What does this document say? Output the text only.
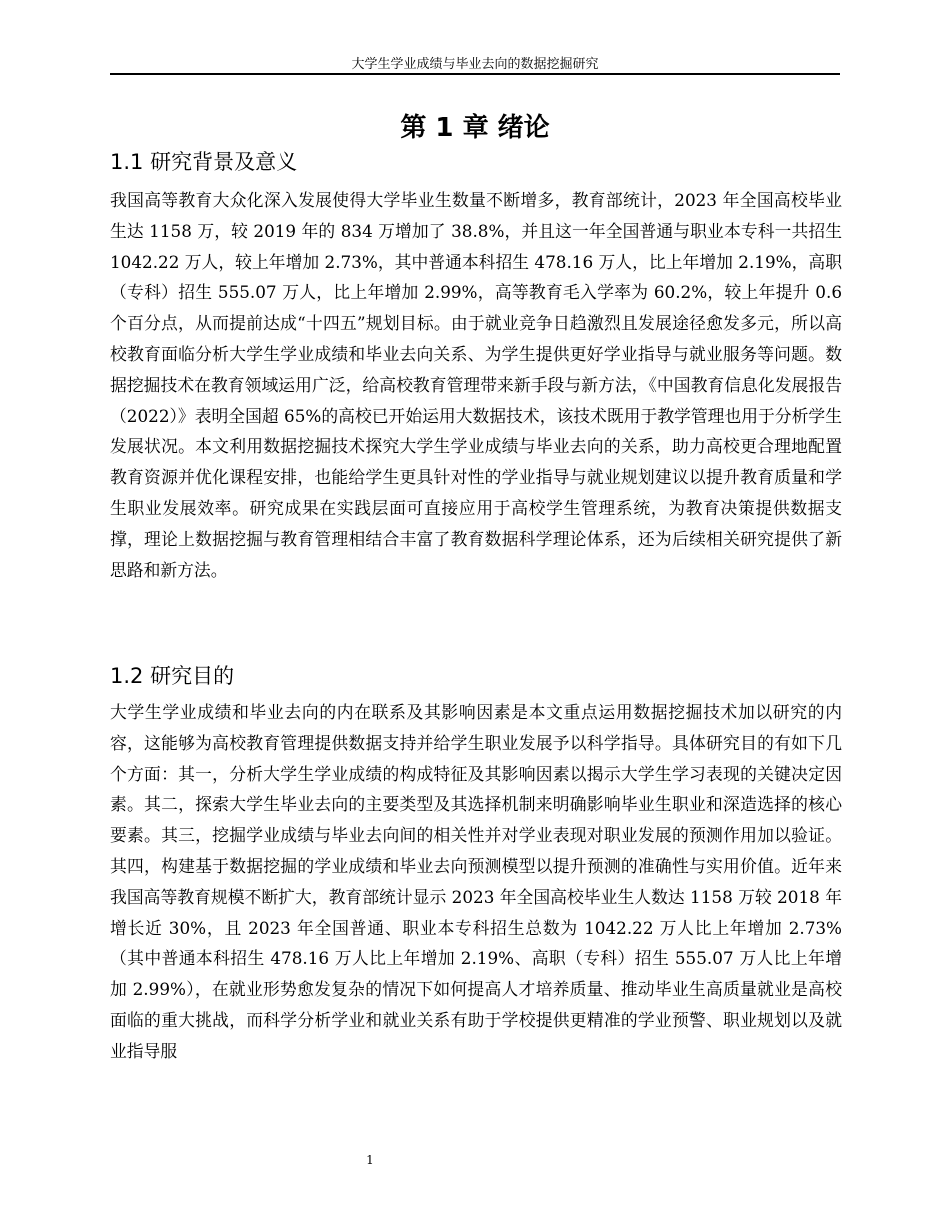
大学生学业成绩与毕业去向的数据挖掘研究
第 1 章 绪论
1.1 研究背景及意义

我国高等教育大众化深入发展使得大学毕业生数量不断增多，教育部统计，2023 年全国高校毕业生达 1158 万，较 2019 年的 834 万增加了 38.8%，并且这一年全国普通与职业本专科一共招生 1042.22 万人，较上年增加 2.73%，其中普通本科招生 478.16 万人，比上年增加 2.19%，高职（专科）招生 555.07 万人，比上年增加 2.99%，高等教育毛入学率为 60.2%，较上年提升 0.6 个百分点，从而提前达成“十四五”规划目标。由于就业竞争日趋激烈且发展途径愈发多元，所以高校教育面临分析大学生学业成绩和毕业去向关系、为学生提供更好学业指导与就业服务等问题。数据挖掘技术在教育领域运用广泛，给高校教育管理带来新手段与新方法，《中国教育信息化发展报告（2022）》表明全国超 65%的高校已开始运用大数据技术，该技术既用于教学管理也用于分析学生发展状况。本文利用数据挖掘技术探究大学生学业成绩与毕业去向的关系，助力高校更合理地配置教育资源并优化课程安排，也能给学生更具针对性的学业指导与就业规划建议以提升教育质量和学生职业发展效率。研究成果在实践层面可直接应用于高校学生管理系统，为教育决策提供数据支撑，理论上数据挖掘与教育管理相结合丰富了教育数据科学理论体系，还为后续相关研究提供了新思路和新方法。

1.2 研究目的

大学生学业成绩和毕业去向的内在联系及其影响因素是本文重点运用数据挖掘技术加以研究的内容，这能够为高校教育管理提供数据支持并给学生职业发展予以科学指导。具体研究目的有如下几个方面：其一，分析大学生学业成绩的构成特征及其影响因素以揭示大学生学习表现的关键决定因素。其二，探索大学生毕业去向的主要类型及其选择机制来明确影响毕业生职业和深造选择的核心要素。其三，挖掘学业成绩与毕业去向间的相关性并对学业表现对职业发展的预测作用加以验证。其四，构建基于数据挖掘的学业成绩和毕业去向预测模型以提升预测的准确性与实用价值。近年来我国高等教育规模不断扩大，教育部统计显示 2023 年全国高校毕业生人数达 1158 万较 2018 年增长近 30%，且 2023 年全国普通、职业本专科招生总数为 1042.22 万人比上年增加 2.73%（其中普通本科招生 478.16 万人比上年增加 2.19%、高职（专科）招生 555.07 万人比上年增加 2.99%），在就业形势愈发复杂的情况下如何提高人才培养质量、推动毕业生高质量就业是高校面临的重大挑战，而科学分析学业和就业关系有助于学校提供更精准的学业预警、职业规划以及就业指导服

1
